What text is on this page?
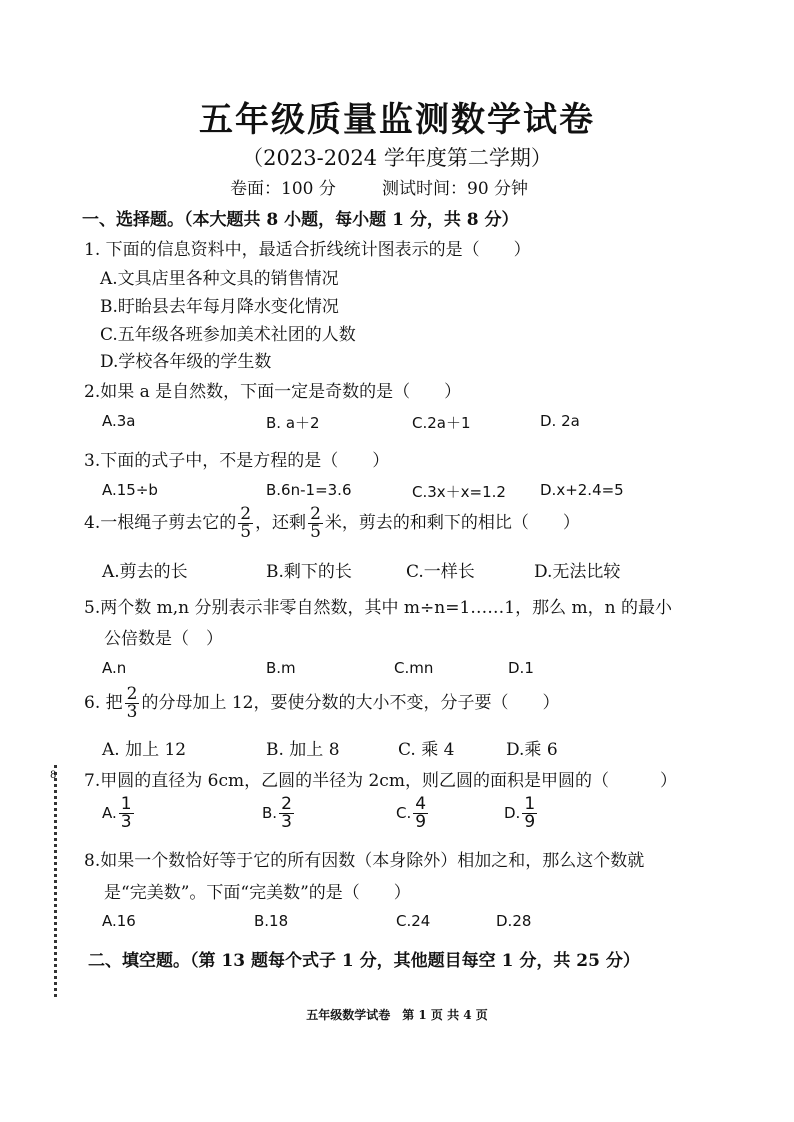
五年级质量监测数学试卷
（2023-2024 学年度第二学期）
卷面：100 分	测试时间：90 分钟
一、选择题。（本大题共 8 小题，每小题 1 分，共 8 分）
1. 下面的信息资料中，最适合折线统计图表示的是（　　）
A.文具店里各种文具的销售情况
B.盱眙县去年每月降水变化情况
C.五年级各班参加美术社团的人数
D.学校各年级的学生数
2.如果 a 是自然数，下面一定是奇数的是（　　）
A.3a	B. a＋2	C.2a＋1	D. 2a
3.下面的式子中，不是方程的是（　　）
A.15÷b	B.6n-1=3.6	C.3x＋x=1.2 D.x+2.4=5
4.一根绳子剪去它的 $\frac{2}{5}$ ，还剩 $\frac{2}{5}$ 米，剪去的和剩下的相比（　　）
A.剪去的长	B.剩下的长	C.一样长	D.无法比较
5.两个数 m,n 分别表示非零自然数，其中 m÷n=1……1，那么 m，n 的最小
公倍数是（　）
A.n	B.m	C.mn	D.1
6. 把 $\frac{2}{3}$ 的分母加上 12，要使分数的大小不变，分子要（　　）
A. 加上 12	B. 加上 8	C. 乘 4	D.乘 6
7.甲圆的直径为 6cm，乙圆的半径为 2cm，则乙圆的面积是甲圆的（　　　）
A. $\frac{1}{3}$	B. $\frac{2}{3}$	C. $\frac{4}{9}$	D. $\frac{1}{9}$
8.如果一个数恰好等于它的所有因数（本身除外）相加之和，那么这个数就
是“完美数”。下面“完美数”的是（　　）
A.16	B.18	C.24	D.28
二、填空题。（第 13 题每个式子 1 分，其他题目每空 1 分，共 25 分）
8
五年级数学试卷　第 1 页 共 4 页
